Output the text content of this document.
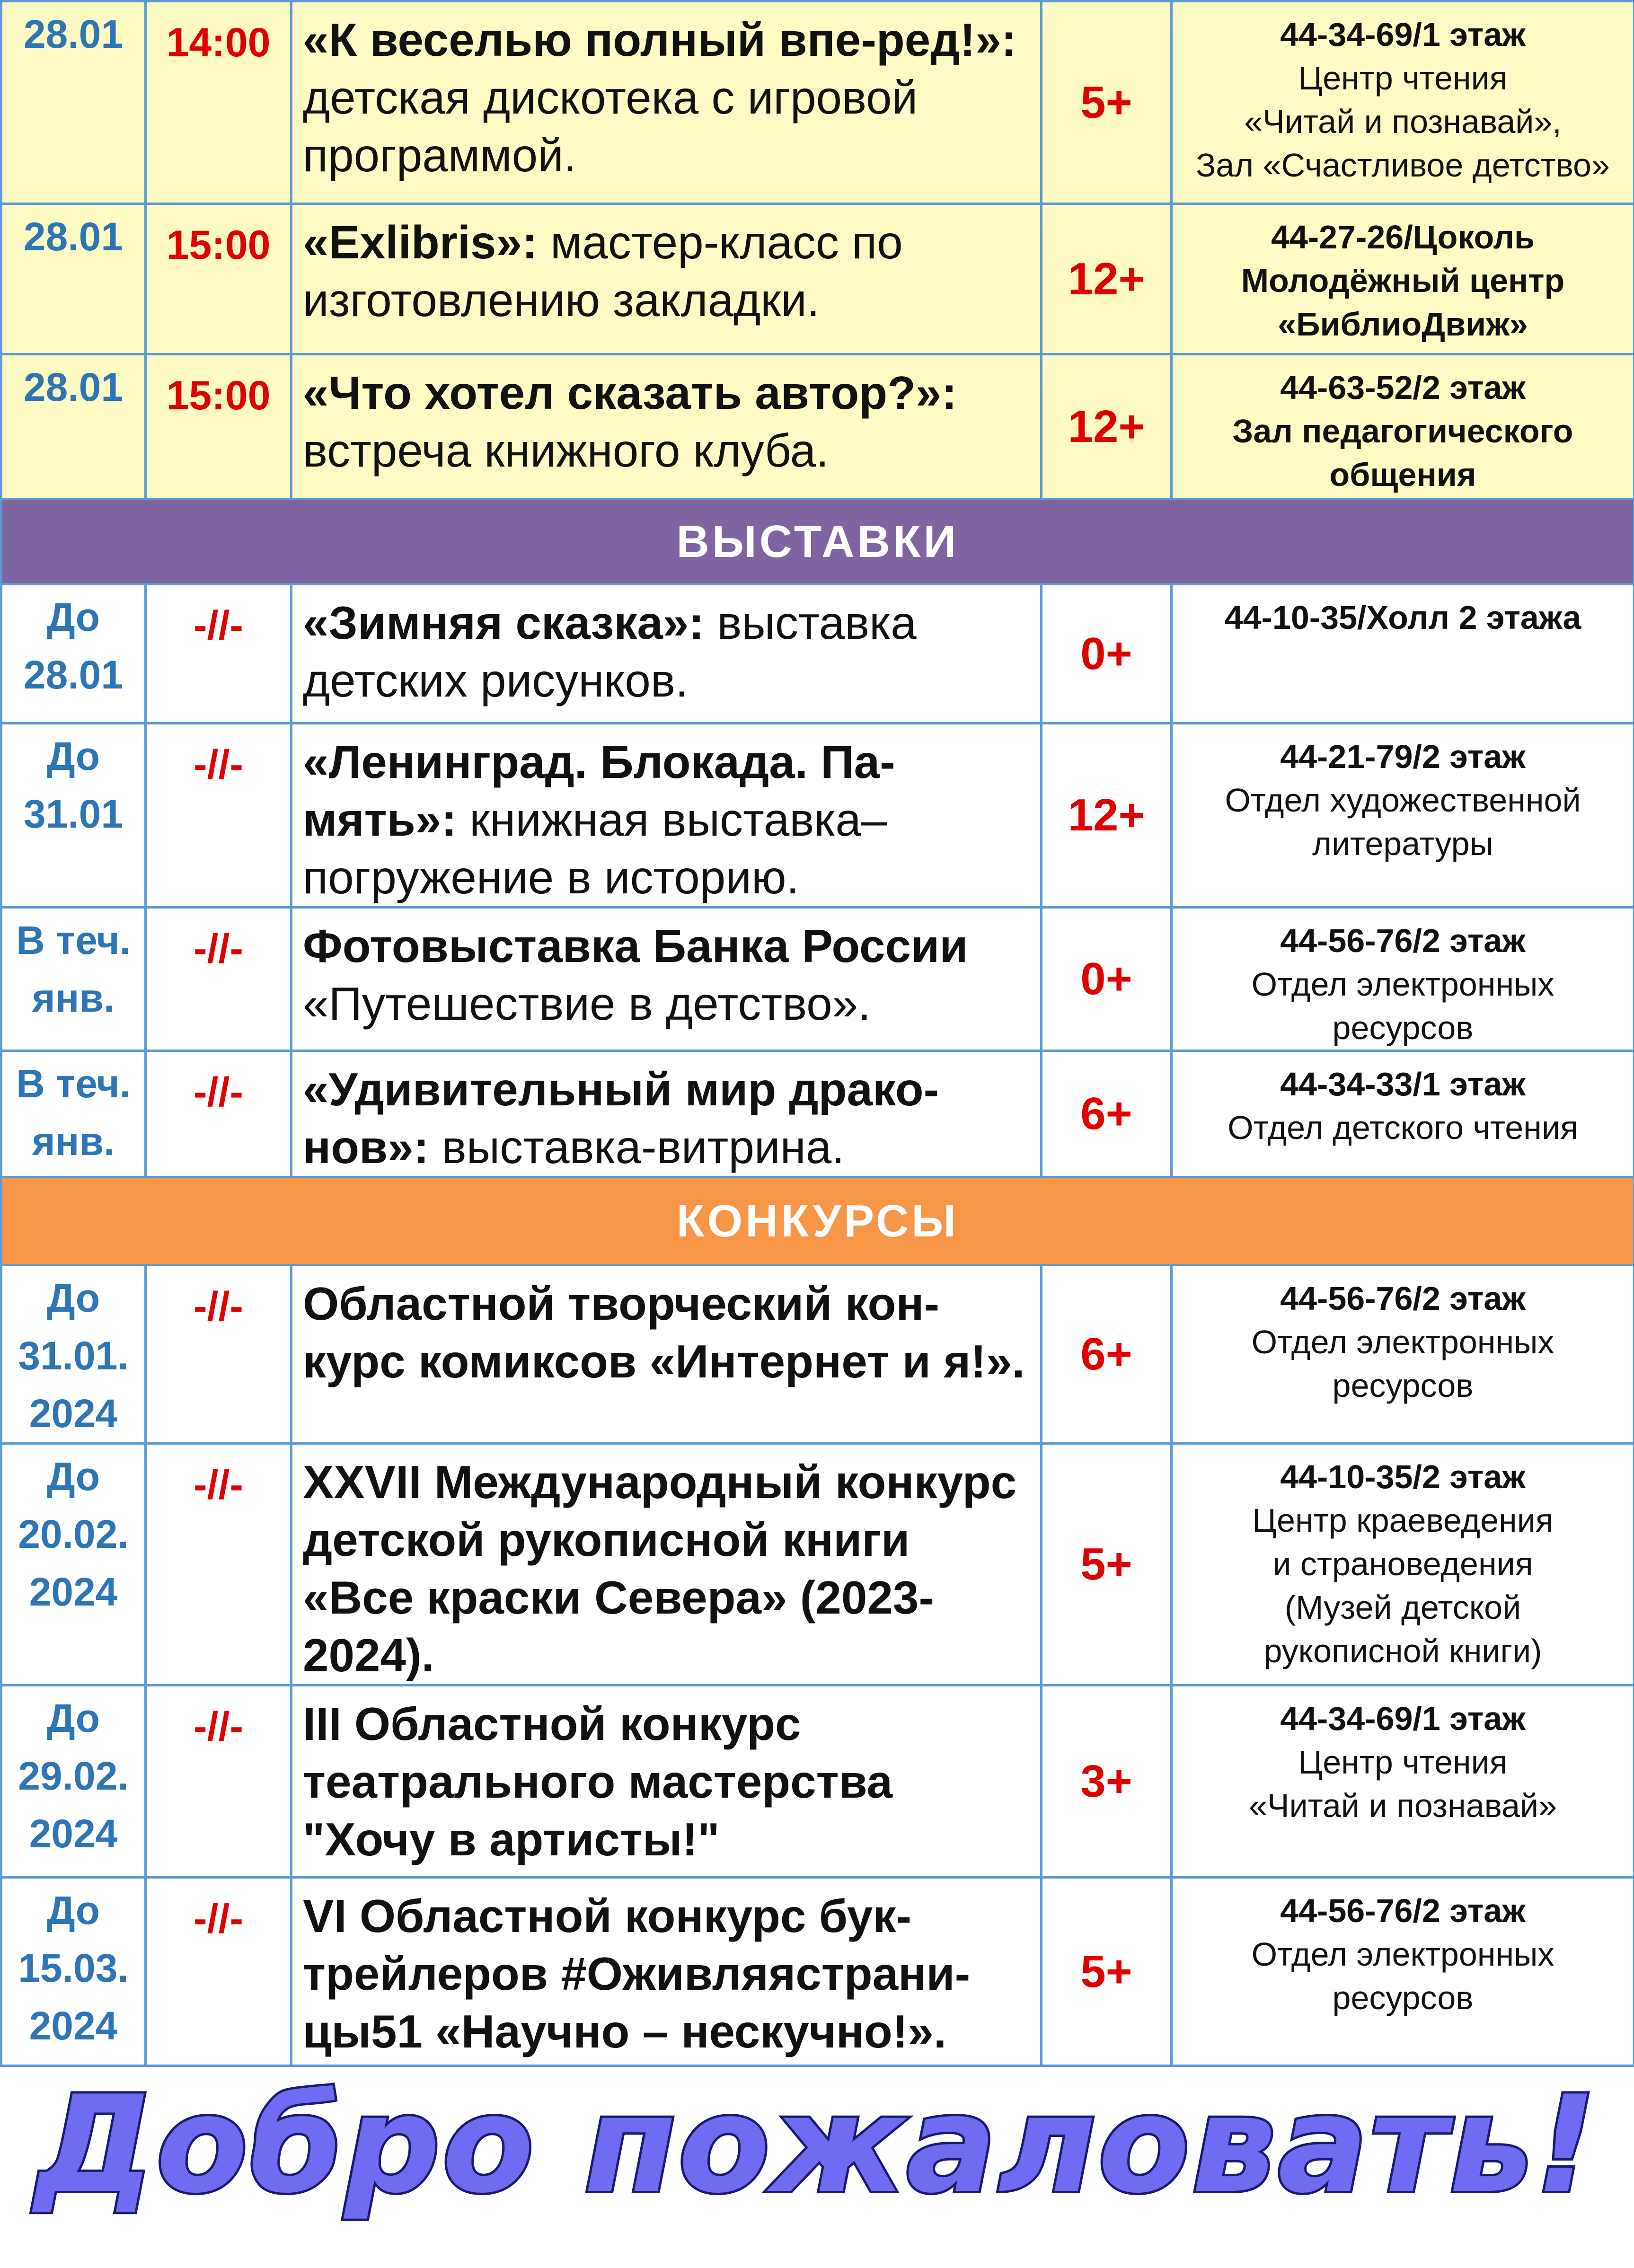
28.01	14:00	«К веселью полный впе-ред!»: детская дискотека с игровой программой.	5+	44-34-69/1 этаж
Центр чтения
«Читай и познавай»,
Зал «Счастливое детство»

28.01	15:00	«Exlibris»: мастер-класс по изготовлению закладки.	12+	44-27-26/Цоколь
Молодёжный центр
«БиблиоДвиж»

28.01	15:00	«Что хотел сказать автор?»: встреча книжного клуба.	12+	44-63-52/2 этаж
Зал педагогического
общения

ВЫСТАВКИ				

До
28.01	-//-	«Зимняя сказка»: выставка детских рисунков.	0+	44-10-35/Холл 2 этажа

До
31.01	-//-	«Ленинград. Блокада. Па-мять»: книжная выставка–погружение в историю.	12+	44-21-79/2 этаж
Отдел художественной
литературы

В теч.
янв.	-//-	Фотовыставка Банка России «Путешествие в детство».	0+	44-56-76/2 этаж
Отдел электронных
ресурсов

В теч.
янв.	-//-	«Удивительный мир драко-нов»: выставка-витрина.	6+	44-34-33/1 этаж
Отдел детского чтения

КОНКУРСЫ				

До
31.01.
2024	-//-	Областной творческий кон-курс комиксов «Интернет и я!».	6+	44-56-76/2 этаж
Отдел электронных
ресурсов

До
20.02.
2024	-//-	XXVII Международный конкурс детской рукописной книги «Все краски Севера» (2023-2024).	5+	44-10-35/2 этаж
Центр краеведения
и страноведения
(Музей детской
рукописной книги)

До
29.02.
2024	-//-	III Областной конкурс театрального мастерства "Хочу в артисты!"	3+	44-34-69/1 этаж
Центр чтения
«Читай и познавай»

До
15.03.
2024	-//-	VI Областной конкурс бук-трейлеров #Оживляястрани-цы51 «Научно – нескучно!».	5+	44-56-76/2 этаж
Отдел электронных
ресурсов
Добро пожаловать!
